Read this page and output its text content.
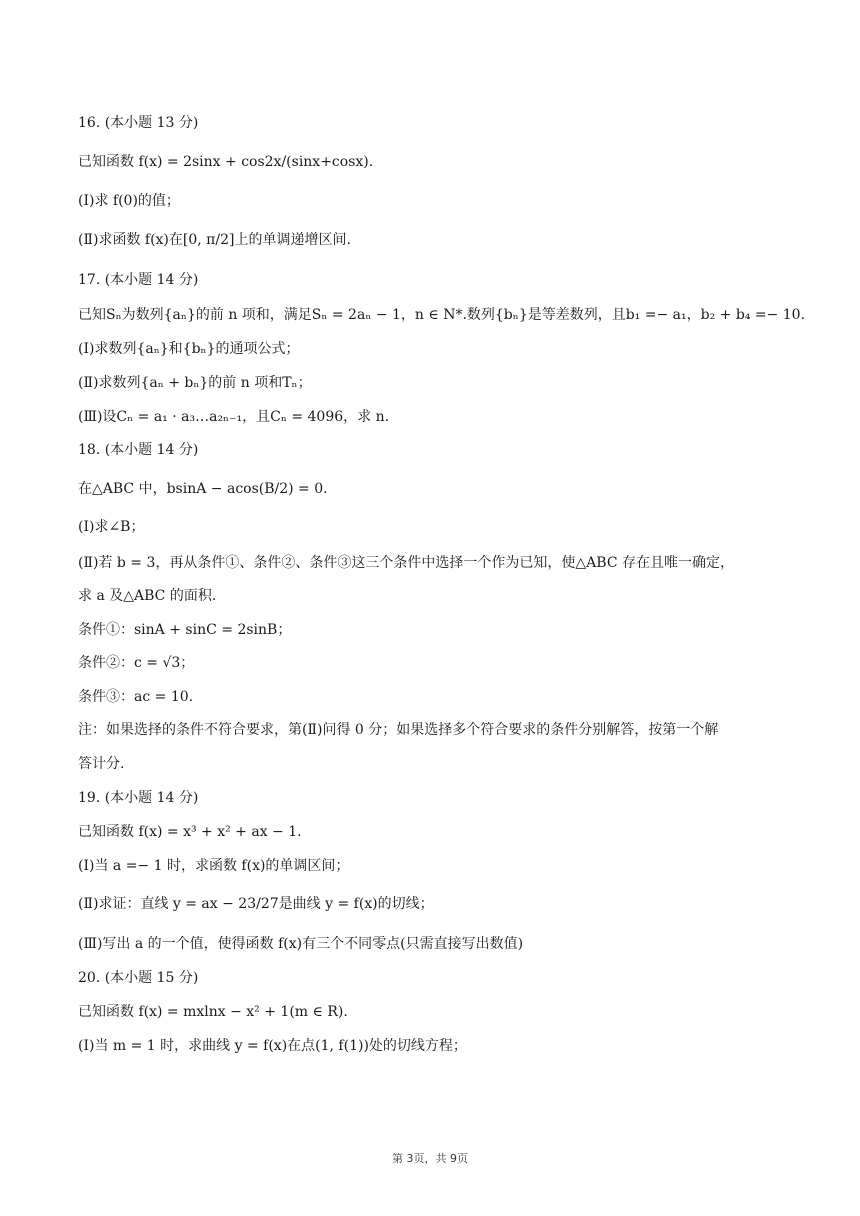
16. (本小题 13 分)
已知函数 f(x) = 2sinx + cos2x/(sinx+cosx).
(Ⅰ)求 f(0)的值；
(Ⅱ)求函数 f(x)在[0, π/2]上的单调递增区间.
17. (本小题 14 分)
已知Sₙ为数列{aₙ}的前 n 项和，满足Sₙ = 2aₙ − 1，n ∈ N*.数列{bₙ}是等差数列，且b₁ =− a₁，b₂ + b₄ =− 10.
(Ⅰ)求数列{aₙ}和{bₙ}的通项公式；
(Ⅱ)求数列{aₙ + bₙ}的前 n 项和Tₙ；
(Ⅲ)设Cₙ = a₁ · a₃…a₂ₙ₋₁，且Cₙ = 4096，求 n.
18. (本小题 14 分)
在△ABC 中，bsinA − acos(B/2) = 0.
(Ⅰ)求∠B；
(Ⅱ)若 b = 3，再从条件①、条件②、条件③这三个条件中选择一个作为已知，使△ABC 存在且唯一确定，
求 a 及△ABC 的面积.
条件①：sinA + sinC = 2sinB；
条件②：c = √3；
条件③：ac = 10.
注：如果选择的条件不符合要求，第(Ⅱ)问得 0 分；如果选择多个符合要求的条件分别解答，按第一个解
答计分.
19. (本小题 14 分)
已知函数 f(x) = x³ + x² + ax − 1.
(Ⅰ)当 a =− 1 时，求函数 f(x)的单调区间；
(Ⅱ)求证：直线 y = ax − 23/27是曲线 y = f(x)的切线；
(Ⅲ)写出 a 的一个值，使得函数 f(x)有三个不同零点(只需直接写出数值)
20. (本小题 15 分)
已知函数 f(x) = mxlnx − x² + 1(m ∈ R).
(Ⅰ)当 m = 1 时，求曲线 y = f(x)在点(1, f(1))处的切线方程；
第 3页，共 9页
